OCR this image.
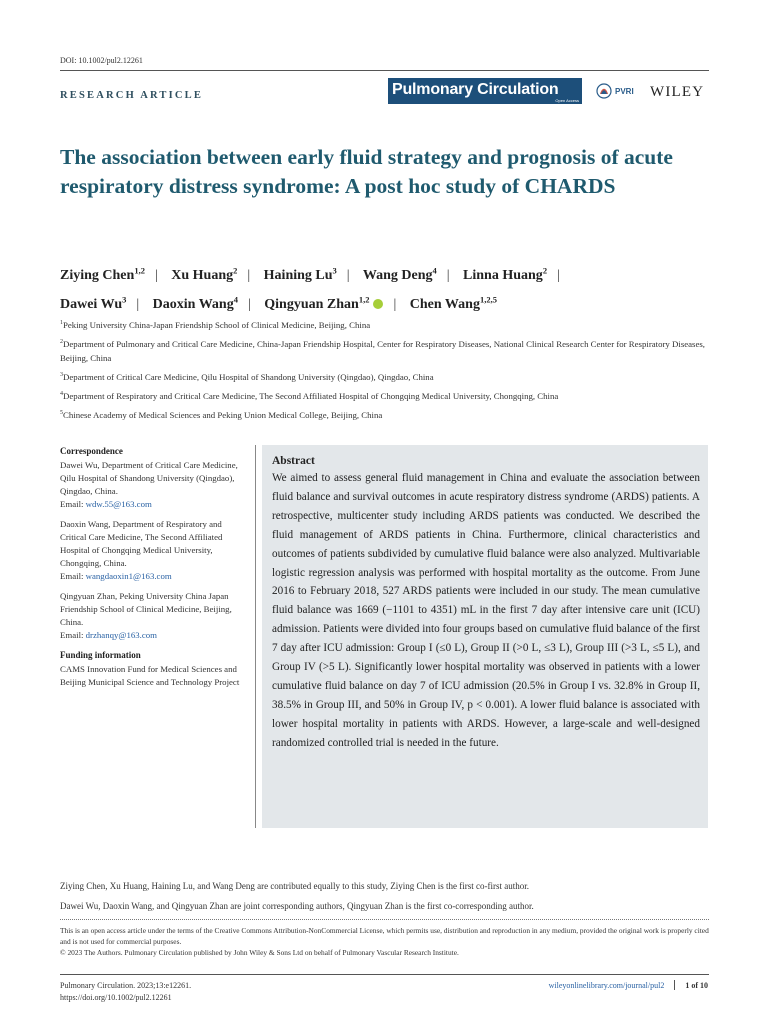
DOI: 10.1002/pul2.12261
RESEARCH ARTICLE	Pulmonary Circulation
Open Access
PVRI WILEY
The association between early fluid strategy and prognosis of acute respiratory distress syndrome: A post hoc study of CHARDS
Ziying Chen$^{1,2}$ | Xu Huang$^2$ | Haining Lu$^3$ | Wang Deng$^4$ | Linna Huang$^2$ |
Dawei Wu$^3$ | Daoxin Wang$^4$ | Qingyuan Zhan$^{1,2}$ | Chen Wang$^{1,2,5}$

$^1$Peking University China-Japan Friendship School of Clinical Medicine, Beijing, China

$^2$Department of Pulmonary and Critical Care Medicine, China-Japan Friendship Hospital, Center for Respiratory Diseases, National Clinical Research Center for Respiratory Diseases, Beijing, China

$^3$Department of Critical Care Medicine, Qilu Hospital of Shandong University (Qingdao), Qingdao, China

$^4$Department of Respiratory and Critical Care Medicine, The Second Affiliated Hospital of Chongqing Medical University, Chongqing, China

$^5$Chinese Academy of Medical Sciences and Peking Union Medical College, Beijing, China

Correspondence

Dawei Wu, Department of Critical Care Medicine, Qilu Hospital of Shandong University (Qingdao), Qingdao, China.
Email: wdw.55@163.com

Daoxin Wang, Department of Respiratory and Critical Care Medicine, The Second Affiliated Hospital of Chongqing Medical University, Chongqing, China.
Email: wangdaoxin1@163.com

Qingyuan Zhan, Peking University China Japan Friendship School of Clinical Medicine, Beijing, China.
Email: drzhanqy@163.com

Funding information

CAMS Innovation Fund for Medical Sciences and Beijing Municipal Science and Technology Project

Abstract

We aimed to assess general fluid management in China and evaluate the association between fluid balance and survival outcomes in acute respiratory distress syndrome (ARDS) patients. A retrospective, multicenter study including ARDS patients was conducted. We described the fluid management of ARDS patients in China. Furthermore, clinical characteristics and outcomes of patients subdivided by cumulative fluid balance were also analyzed. Multivariable logistic regression analysis was performed with hospital mortality as the outcome. From June 2016 to February 2018, 527 ARDS patients were included in our study. The mean cumulative fluid balance was 1669 (−1101 to 4351) mL in the first 7 day after intensive care unit (ICU) admission. Patients were divided into four groups based on cumulative fluid balance of the first 7 day after ICU admission: Group I (≤0 L), Group II (>0 L, ≤3 L), Group III (>3 L, ≤5 L), and Group IV (>5 L). Significantly lower hospital mortality was observed in patients with a lower cumulative fluid balance on day 7 of ICU admission (20.5% in Group I vs. 32.8% in Group II, 38.5% in Group III, and 50% in Group IV, p < 0.001). A lower fluid balance is associated with lower hospital mortality in patients with ARDS. However, a large-scale and well-designed randomized controlled trial is needed in the future.

Ziying Chen, Xu Huang, Haining Lu, and Wang Deng are contributed equally to this study, Ziying Chen is the first co-first author.

Dawei Wu, Daoxin Wang, and Qingyuan Zhan are joint corresponding authors, Qingyuan Zhan is the first co-corresponding author.

This is an open access article under the terms of the Creative Commons Attribution-NonCommercial License, which permits use, distribution and reproduction in any medium, provided the original work is properly cited and is not used for commercial purposes.
© 2023 The Authors. Pulmonary Circulation published by John Wiley & Sons Ltd on behalf of Pulmonary Vascular Research Institute.
Pulmonary Circulation. 2023;13:e12261.
https://doi.org/10.1002/pul2.12261
wileyonlinelibrary.com/journal/pul2	1 of 10
